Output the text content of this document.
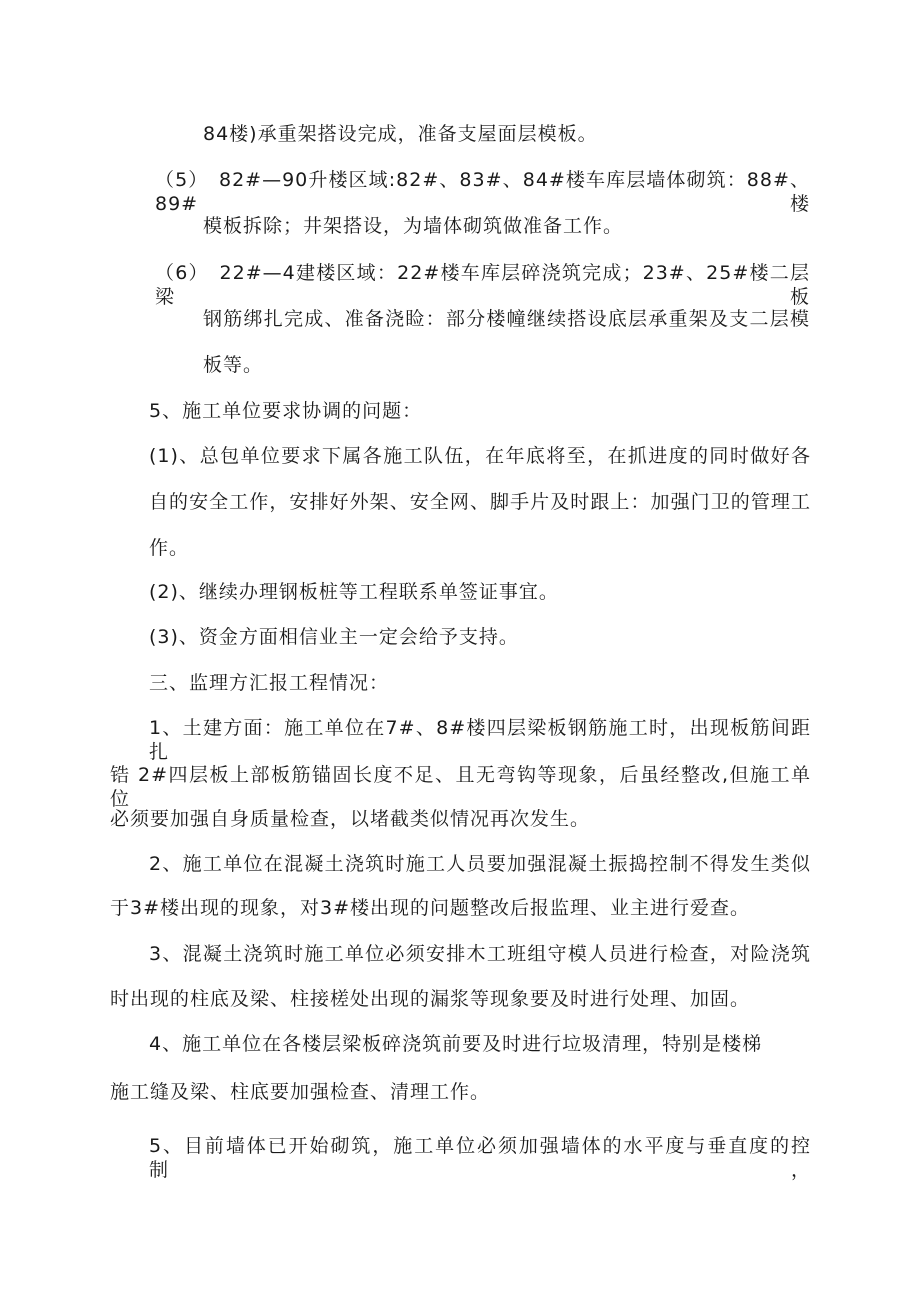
84楼)承重架搭设完成，准备支屋面层模板。
（5）　82#—90升楼区域:82#、83#、84#楼车库层墙体砌筑：88#、89#楼
模板拆除；井架搭设，为墙体砌筑做准备工作。
（6）　22#—4建楼区域：22#楼车库层碎浇筑完成；23#、25#楼二层梁板
钢筋绑扎完成、准备浇睑：部分楼幢继续搭设底层承重架及支二层模
板等。
5、施工单位要求协调的问题：
(1)、总包单位要求下属各施工队伍，在年底将至，在抓进度的同时做好各
自的安全工作，安排好外架、安全网、脚手片及时跟上：加强门卫的管理工
作。
(2)、继续办理钢板桩等工程联系单签证事宜。
(3)、资金方面相信业主一定会给予支持。
三、监理方汇报工程情况：
1、土建方面：施工单位在7#、8#楼四层梁板钢筋施工时，出现板筋间距扎
锆 2#四层板上部板筋锚固长度不足、且无弯钩等现象，后虽经整改,但施工单位
必须要加强自身质量检查，以堵截类似情况再次发生。
2、施工单位在混凝土浇筑时施工人员要加强混凝土振捣控制不得发生类似
于3#楼出现的现象，对3#楼出现的问题整改后报监理、业主进行爱查。
3、混凝土浇筑时施工单位必须安排木工班组守模人员进行检查，对险浇筑
时出现的柱底及梁、柱接槎处出现的漏浆等现象要及时进行处理、加固。
4、施工单位在各楼层梁板碎浇筑前要及时进行垃圾清理，特别是楼梯
施工缝及梁、柱底要加强检查、清理工作。
5、目前墙体已开始砌筑，施工单位必须加强墙体的水平度与垂直度的控制，
